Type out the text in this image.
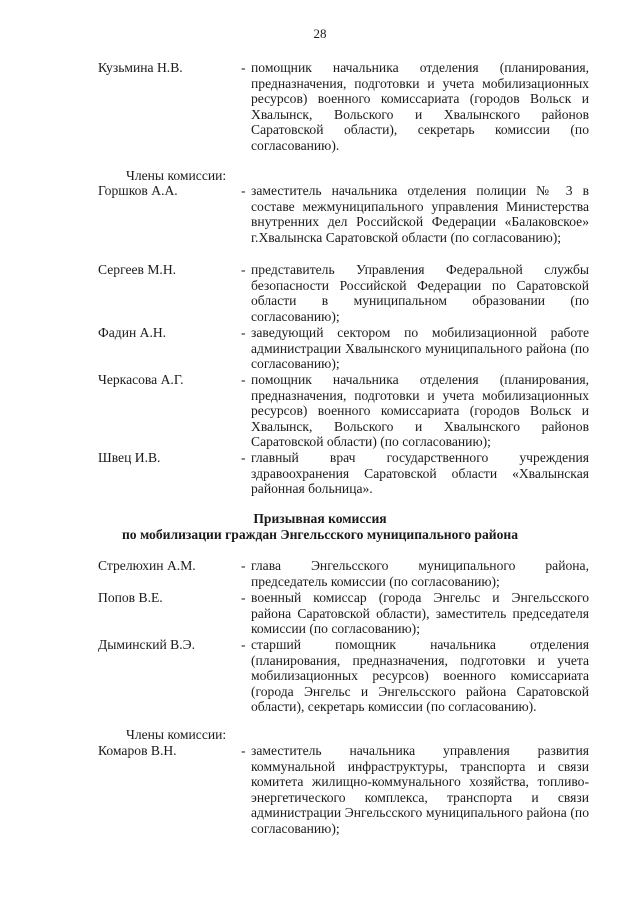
28
Кузьмина Н.В.	- помощник начальника отделения (планирования, предназначения, подготовки и учета мобилизационных ресурсов) военного комиссариата (городов Вольск и Хвалынск, Вольского и Хвалынского районов Саратовской области), секретарь комиссии (по согласованию).
Члены комиссии:
Горшков А.А.	- заместитель начальника отделения полиции № 3 в составе межмуниципального управления Министерства внутренних дел Российской Федерации «Балаковское» г.Хвалынска Саратовской области (по согласованию);
Сергеев М.Н.	- представитель Управления Федеральной службы безопасности Российской Федерации по Саратовской области в муниципальном образовании (по согласованию);
Фадин А.Н.	- заведующий сектором по мобилизационной работе администрации Хвалынского муниципального района (по согласованию);
Черкасова А.Г.	- помощник начальника отделения (планирования, предназначения, подготовки и учета мобилизационных ресурсов) военного комиссариата (городов Вольск и Хвалынск, Вольского и Хвалынского районов Саратовской области) (по согласованию);
Швец И.В.	- главный врач государственного учреждения здравоохранения Саратовской области «Хвалынская районная больница».
Призывная комиссия
по мобилизации граждан Энгельсского муниципального района
Стрелюхин А.М.	- глава Энгельсского муниципального района, председатель комиссии (по согласованию);
Попов В.Е.	- военный комиссар (города Энгельс и Энгельсского района Саратовской области), заместитель председателя комиссии (по согласованию);
Дыминский В.Э.	- старший помощник начальника отделения (планирования, предназначения, подготовки и учета мобилизационных ресурсов) военного комиссариата (города Энгельс и Энгельсского района Саратовской области), секретарь комиссии (по согласованию).
Члены комиссии:
Комаров В.Н.	- заместитель начальника управления развития коммунальной инфраструктуры, транспорта и связи комитета жилищно-коммунального хозяйства, топливо-энергетического комплекса, транспорта и связи администрации Энгельсского муниципального района (по согласованию);
